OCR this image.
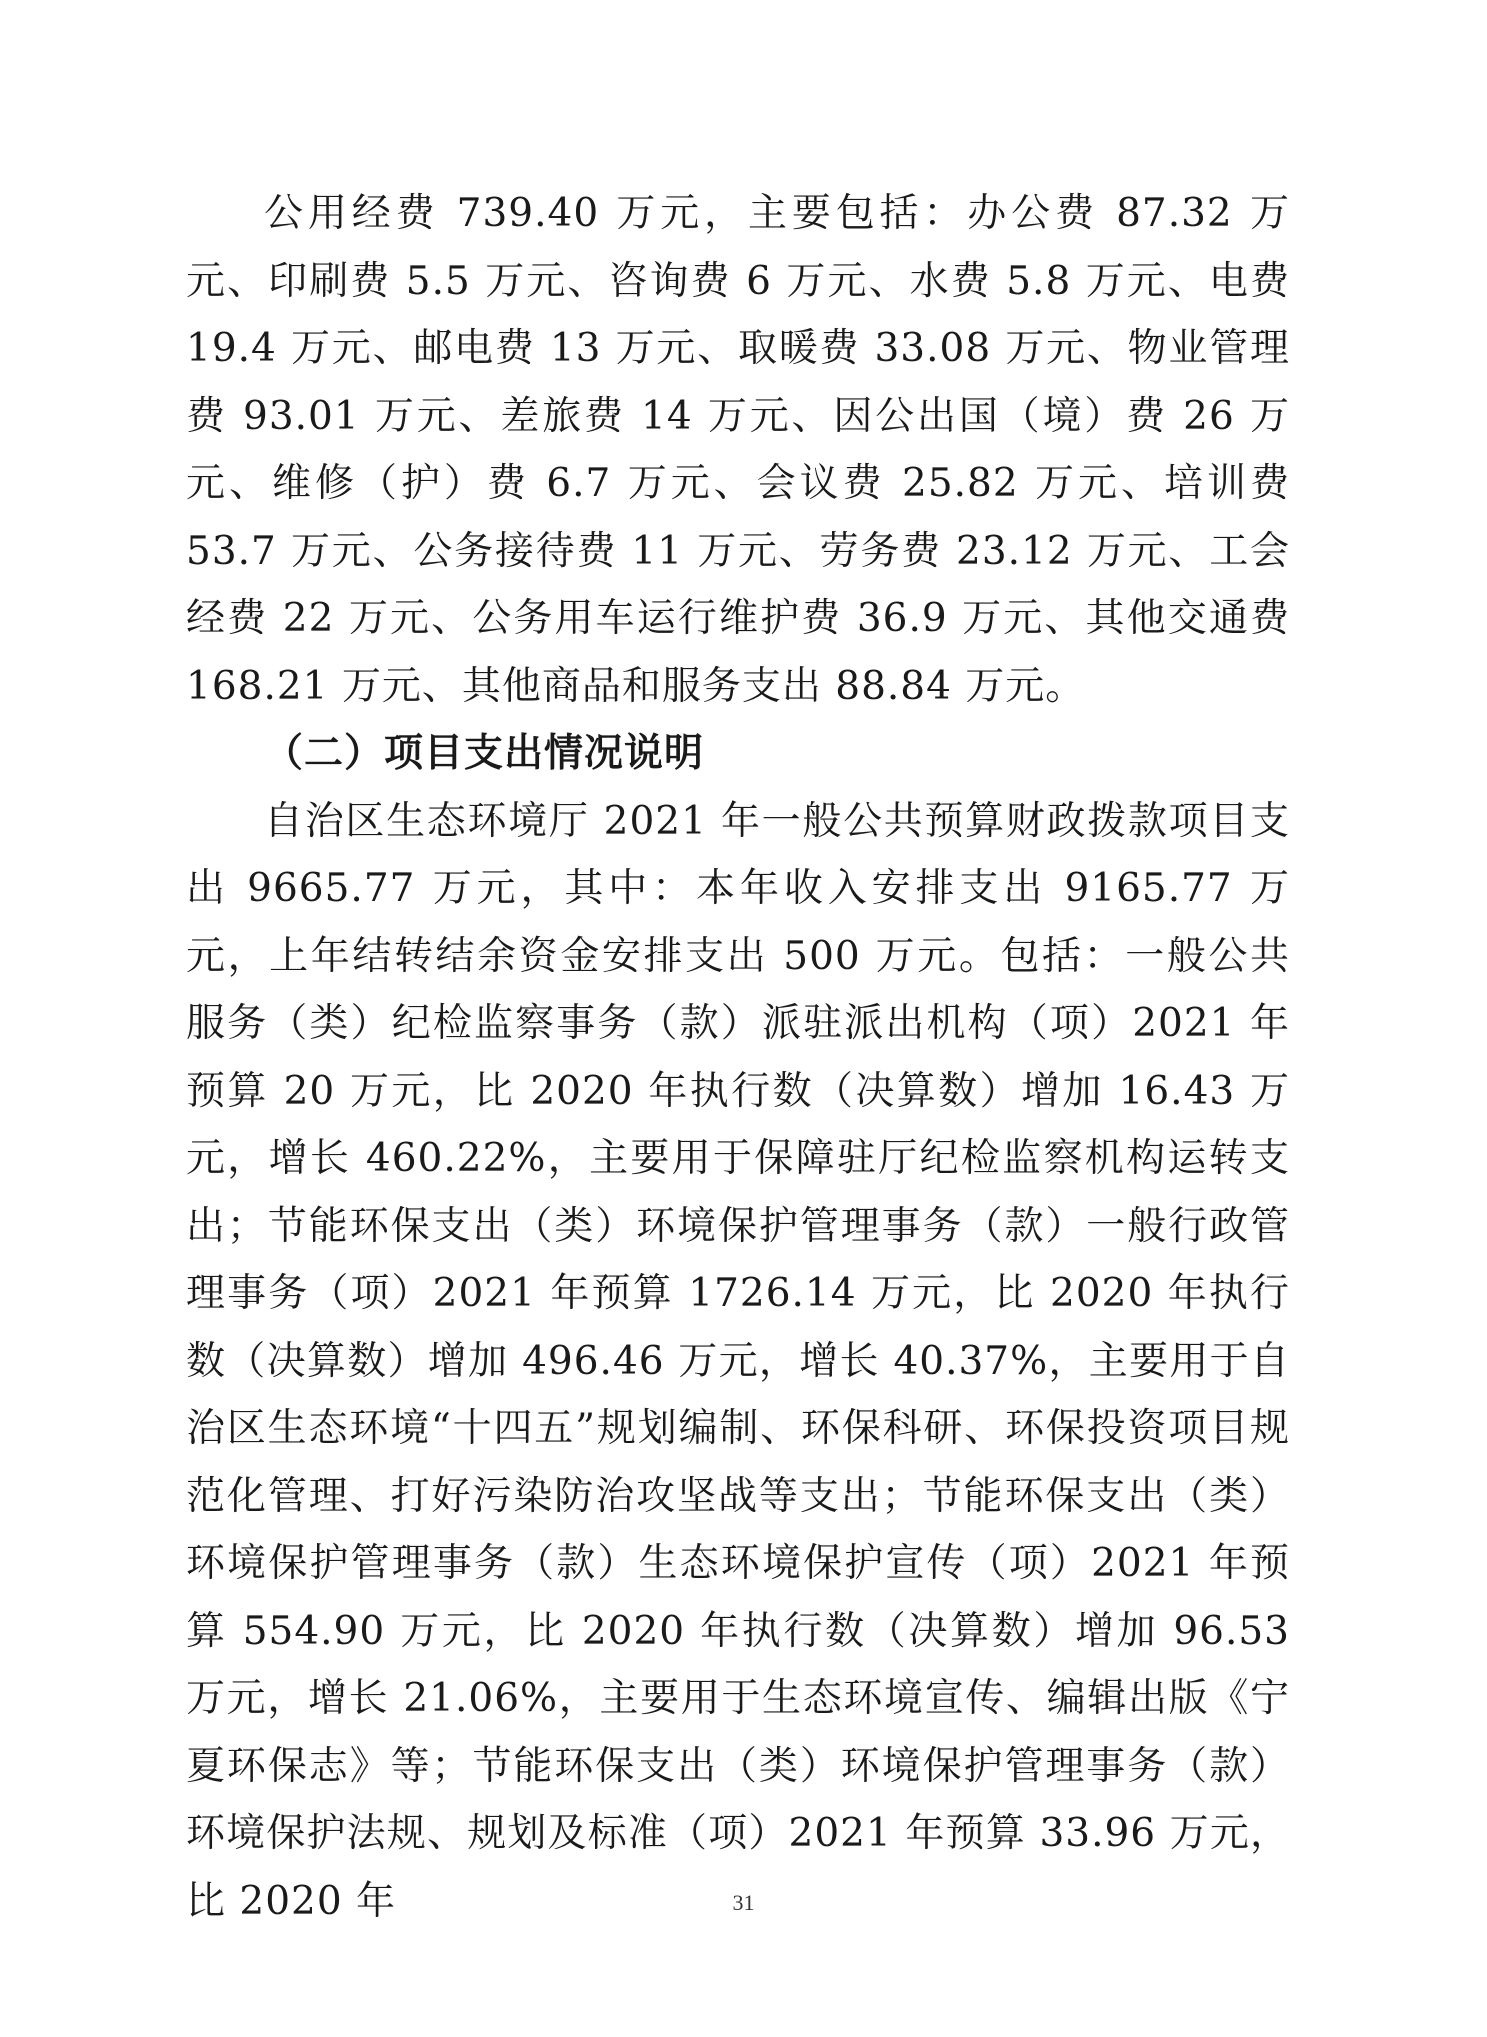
公用经费 739.40 万元，主要包括：办公费 87.32 万元、印刷费 5.5 万元、咨询费 6 万元、水费 5.8 万元、电费 19.4 万元、邮电费 13 万元、取暖费 33.08 万元、物业管理费 93.01 万元、差旅费 14 万元、因公出国（境）费 26 万元、维修（护）费 6.7 万元、会议费 25.82 万元、培训费 53.7 万元、公务接待费 11 万元、劳务费 23.12 万元、工会经费 22 万元、公务用车运行维护费 36.9 万元、其他交通费 168.21 万元、其他商品和服务支出 88.84 万元。

（二）项目支出情况说明

自治区生态环境厅 2021 年一般公共预算财政拨款项目支出 9665.77 万元，其中：本年收入安排支出 9165.77 万元，上年结转结余资金安排支出 500 万元。包括：一般公共服务（类）纪检监察事务（款）派驻派出机构（项）2021 年预算 20 万元，比 2020 年执行数（决算数）增加 16.43 万元，增长 460.22%，主要用于保障驻厅纪检监察机构运转支出；节能环保支出（类）环境保护管理事务（款）一般行政管理事务（项）2021 年预算 1726.14 万元，比 2020 年执行数（决算数）增加 496.46 万元，增长 40.37%，主要用于自治区生态环境“十四五”规划编制、环保科研、环保投资项目规范化管理、打好污染防治攻坚战等支出；节能环保支出（类）环境保护管理事务（款）生态环境保护宣传（项）2021 年预算 554.90 万元，比 2020 年执行数（决算数）增加 96.53 万元，增长 21.06%，主要用于生态环境宣传、编辑出版《宁夏环保志》等；节能环保支出（类）环境保护管理事务（款）环境保护法规、规划及标准（项）2021 年预算 33.96 万元，比 2020 年	31
